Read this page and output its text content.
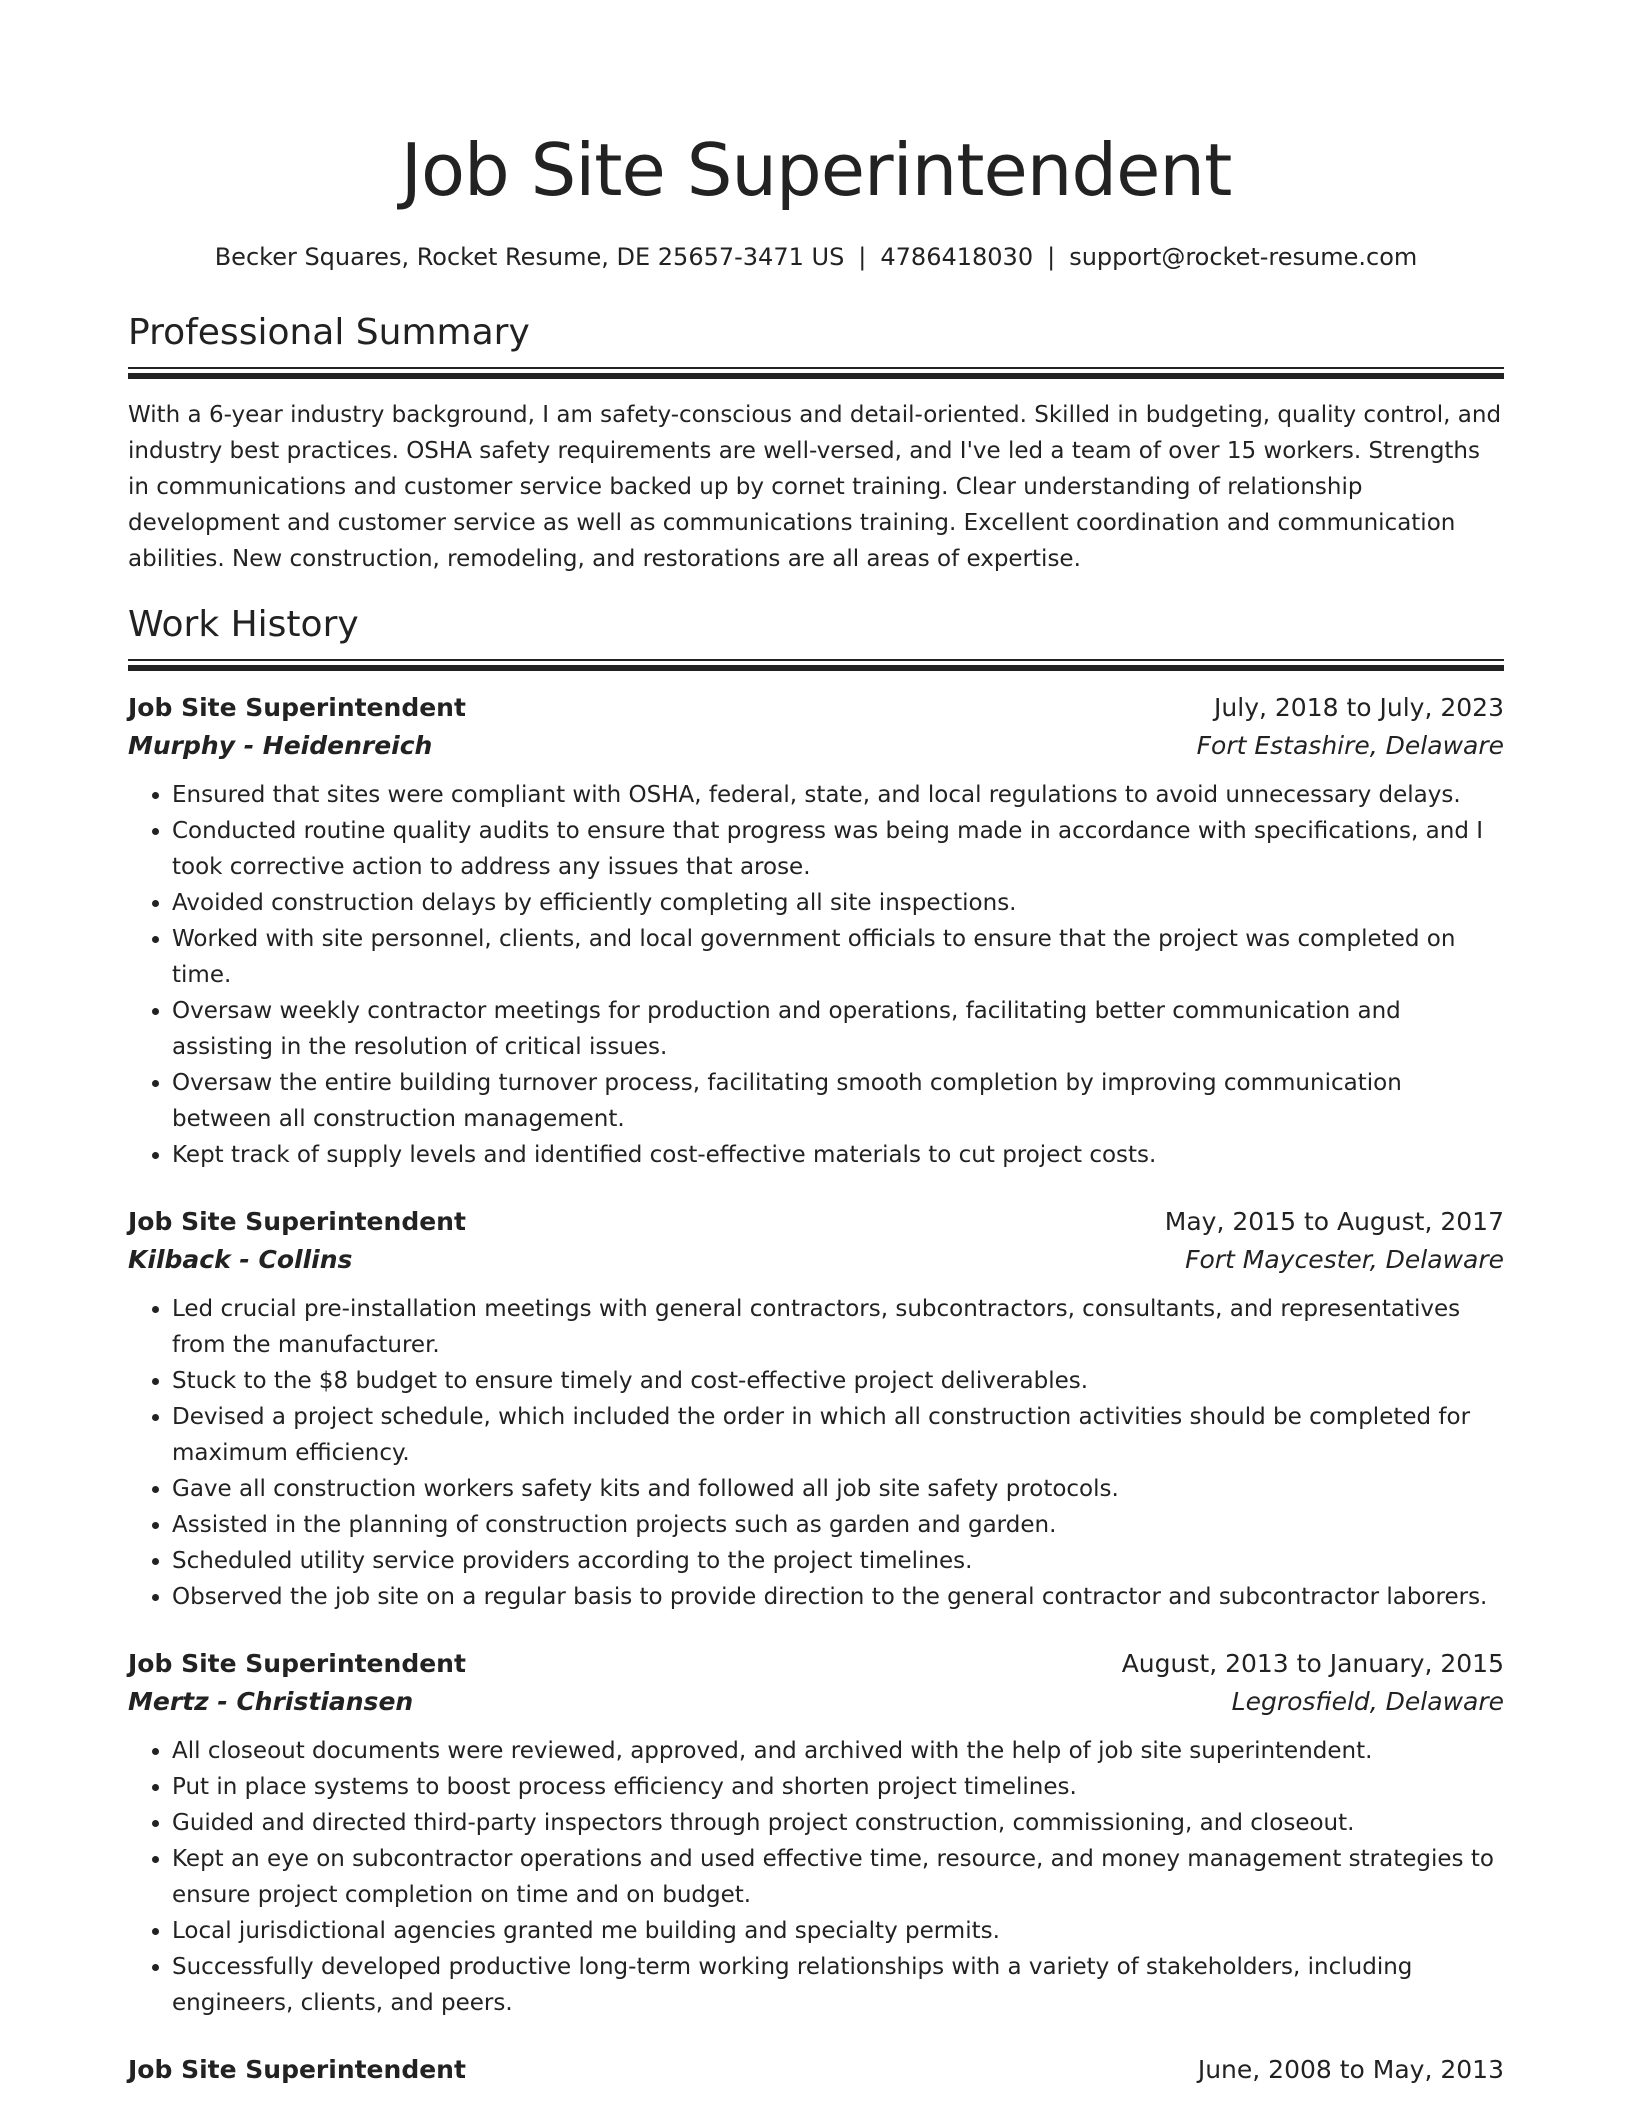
Job Site Superintendent
Becker Squares, Rocket Resume, DE 25657-3471 US | 4786418030 | support@rocket-resume.com
Professional Summary

With a 6-year industry background, I am safety-conscious and detail-oriented. Skilled in budgeting, quality control, and industry best practices. OSHA safety requirements are well-versed, and I've led a team of over 15 workers. Strengths in communications and customer service backed up by cornet training. Clear understanding of relationship development and customer service as well as communications training. Excellent coordination and communication abilities. New construction, remodeling, and restorations are all areas of expertise.

Work History
Job Site Superintendent	July, 2018 to July, 2023
Murphy - Heidenreich	Fort Estashire, Delaware
• Ensured that sites were compliant with OSHA, federal, state, and local regulations to avoid unnecessary delays.
• Conducted routine quality audits to ensure that progress was being made in accordance with specifications, and I took corrective action to address any issues that arose.
• Avoided construction delays by efficiently completing all site inspections.
• Worked with site personnel, clients, and local government officials to ensure that the project was completed on time.
• Oversaw weekly contractor meetings for production and operations, facilitating better communication and assisting in the resolution of critical issues.
• Oversaw the entire building turnover process, facilitating smooth completion by improving communication between all construction management.
• Kept track of supply levels and identified cost-effective materials to cut project costs.
Job Site Superintendent	May, 2015 to August, 2017
Kilback - Collins	Fort Maycester, Delaware
• Led crucial pre-installation meetings with general contractors, subcontractors, consultants, and representatives from the manufacturer.
• Stuck to the $8 budget to ensure timely and cost-effective project deliverables.
• Devised a project schedule, which included the order in which all construction activities should be completed for maximum efficiency.
• Gave all construction workers safety kits and followed all job site safety protocols.
• Assisted in the planning of construction projects such as garden and garden.
• Scheduled utility service providers according to the project timelines.
• Observed the job site on a regular basis to provide direction to the general contractor and subcontractor laborers.
Job Site Superintendent	August, 2013 to January, 2015
Mertz - Christiansen	Legrosfield, Delaware
• All closeout documents were reviewed, approved, and archived with the help of job site superintendent.
• Put in place systems to boost process efficiency and shorten project timelines.
• Guided and directed third-party inspectors through project construction, commissioning, and closeout.
• Kept an eye on subcontractor operations and used effective time, resource, and money management strategies to ensure project completion on time and on budget.
• Local jurisdictional agencies granted me building and specialty permits.
• Successfully developed productive long-term working relationships with a variety of stakeholders, including engineers, clients, and peers.
Job Site Superintendent	June, 2008 to May, 2013
